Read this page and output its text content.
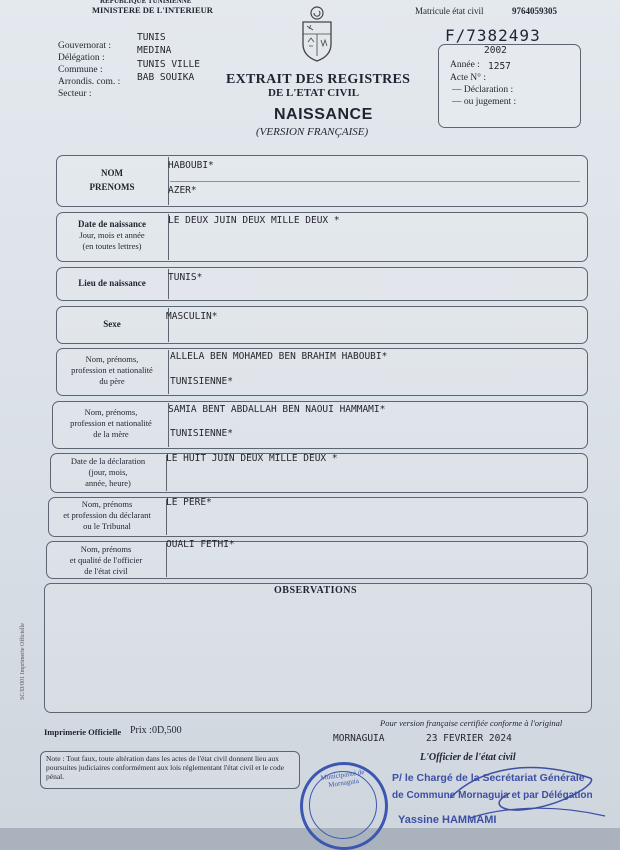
REPUBLIQUE TUNISIENNE
MINISTERE DE L'INTERIEUR	Matricule état civil	9764059305
Gouvernorat :
TUNIS
Délégation :
MEDINA
Commune :	TUNIS VILLE
Arrondis. com. : BAB SOUIKA
Secteur :
EXTRAIT DES REGISTRES
DE L'ETAT CIVIL
NAISSANCE
(VERSION FRANÇAISE)
F/7382493
2002
Année : 1257
Acte N° :
— Déclaration :
— ou jugement :
NOM
PRENOMS
HABOUBI*
AZER*
Date de naissance
Jour, mois et année
(en toutes lettres)
LE DEUX JUIN DEUX MILLE DEUX *
Lieu de naissance	TUNIS*
Sexe
MASCULIN*
Nom, prénoms,
profession et nationalité
du père
ALLELA BEN MOHAMED BEN BRAHIM HABOUBI*
TUNISIENNE*
Nom, prénoms,
profession et nationalité
de la mère
SAMIA BENT ABDALLAH BEN NAOUI HAMMAMI*
TUNISIENNE*
Date de la déclaration
(jour, mois,
année, heure)
LE HUIT JUIN DEUX MILLE DEUX *
Nom, prénoms
et profession du déclarant
ou le Tribunal
LE PERE*
Nom, prénoms
et qualité de l'officier
de l'état civil
OUALI FETHI*
OBSERVATIONS
SC/D/001 Imprimerie Officielle
Imprimerie Officielle Prix :0D,500
Pour version française certifiée conforme à l'original
MORNAGUIA	23 FEVRIER 2024
L'Officier de l'état civil
Note : Tout faux, toute altération dans les actes de l'état civil donnent lieu aux poursuites judiciaires conformément aux lois réglementant l'état civil et le code pénal.	Municipalité de Mornaguia	P/ le Chargé de la Secrétariat Générale
de Commune Mornaguia et par Délégation
Yassine HAMMAMI
